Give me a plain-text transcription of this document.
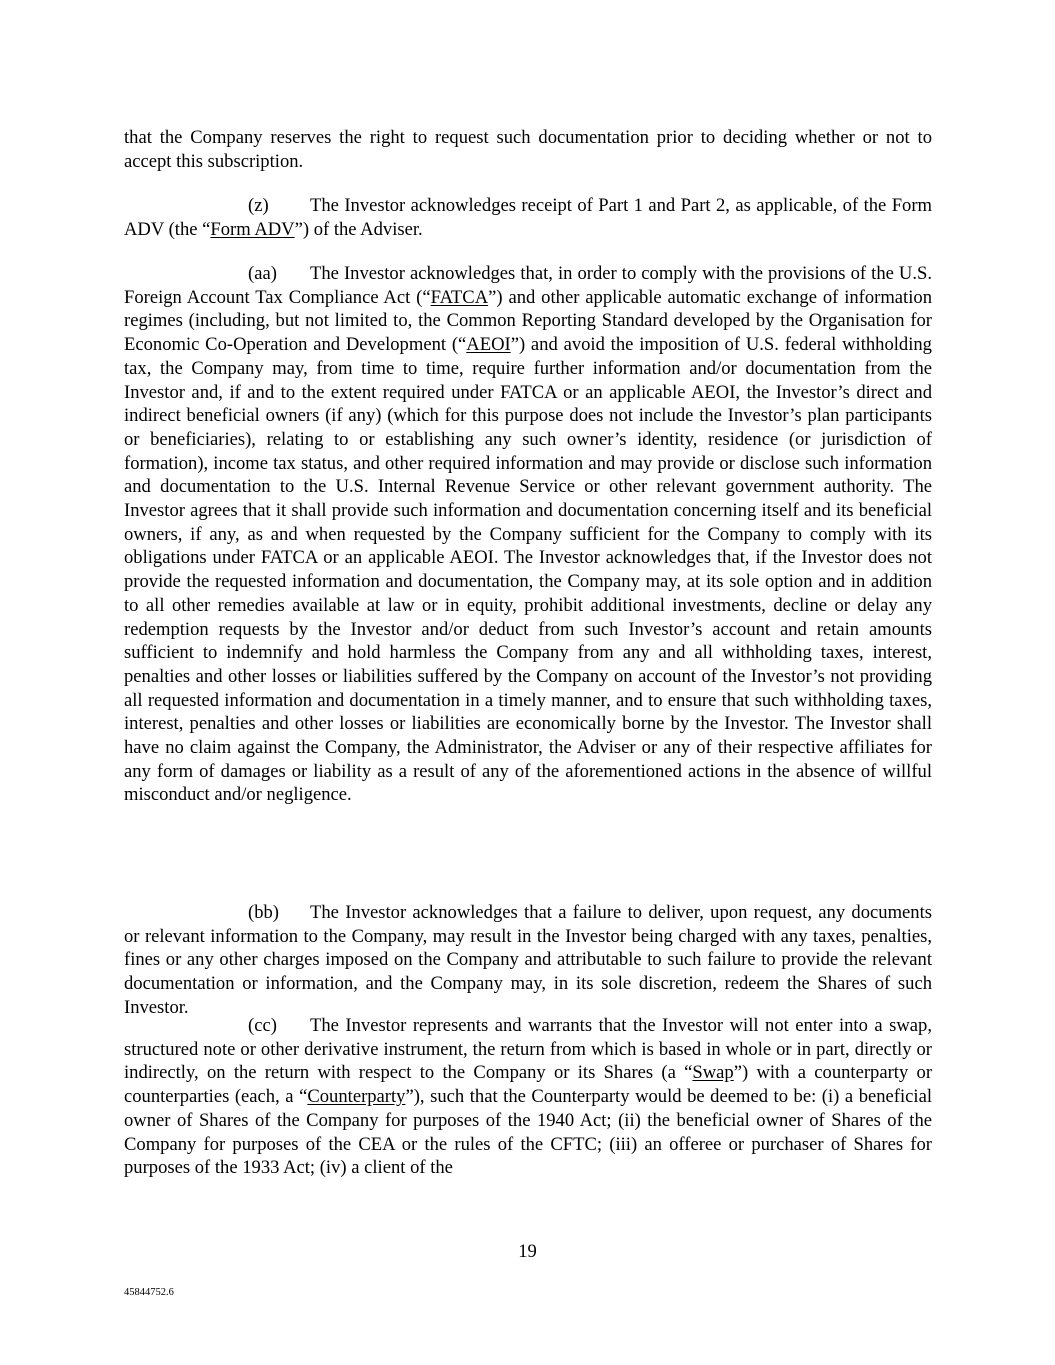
that the Company reserves the right to request such documentation prior to deciding whether or not to accept this subscription.

(z) The Investor acknowledges receipt of Part 1 and Part 2, as applicable, of the Form ADV (the “Form ADV”) of the Adviser.

(aa) The Investor acknowledges that, in order to comply with the provisions of the U.S. Foreign Account Tax Compliance Act (“FATCA”) and other applicable automatic exchange of information regimes (including, but not limited to, the Common Reporting Standard developed by the Organisation for Economic Co-Operation and Development (“AEOI”) and avoid the imposition of U.S. federal withholding tax, the Company may, from time to time, require further information and/or documentation from the Investor and, if and to the extent required under FATCA or an applicable AEOI, the Investor’s direct and indirect beneficial owners (if any) (which for this purpose does not include the Investor’s plan participants or beneficiaries), relating to or establishing any such owner’s identity, residence (or jurisdiction of formation), income tax status, and other required information and may provide or disclose such information and documentation to the U.S. Internal Revenue Service or other relevant government authority. The Investor agrees that it shall provide such information and documentation concerning itself and its beneficial owners, if any, as and when requested by the Company sufficient for the Company to comply with its obligations under FATCA or an applicable AEOI. The Investor acknowledges that, if the Investor does not provide the requested information and documentation, the Company may, at its sole option and in addition to all other remedies available at law or in equity, prohibit additional investments, decline or delay any redemption requests by the Investor and/or deduct from such Investor’s account and retain amounts sufficient to indemnify and hold harmless the Company from any and all withholding taxes, interest, penalties and other losses or liabilities suffered by the Company on account of the Investor’s not providing all requested information and documentation in a timely manner, and to ensure that such withholding taxes, interest, penalties and other losses or liabilities are economically borne by the Investor. The Investor shall have no claim against the Company, the Administrator, the Adviser or any of their respective affiliates for any form of damages or liability as a result of any of the aforementioned actions in the absence of willful misconduct and/or negligence.

(bb) The Investor acknowledges that a failure to deliver, upon request, any documents or relevant information to the Company, may result in the Investor being charged with any taxes, penalties, fines or any other charges imposed on the Company and attributable to such failure to provide the relevant documentation or information, and the Company may, in its sole discretion, redeem the Shares of such Investor.

(cc) The Investor represents and warrants that the Investor will not enter into a swap, structured note or other derivative instrument, the return from which is based in whole or in part, directly or indirectly, on the return with respect to the Company or its Shares (a “Swap”) with a counterparty or counterparties (each, a “Counterparty”), such that the Counterparty would be deemed to be: (i) a beneficial owner of Shares of the Company for purposes of the 1940 Act; (ii) the beneficial owner of Shares of the Company for purposes of the CEA or the rules of the CFTC; (iii) an offeree or purchaser of Shares for purposes of the 1933 Act; (iv) a client of the

19
45844752.6
